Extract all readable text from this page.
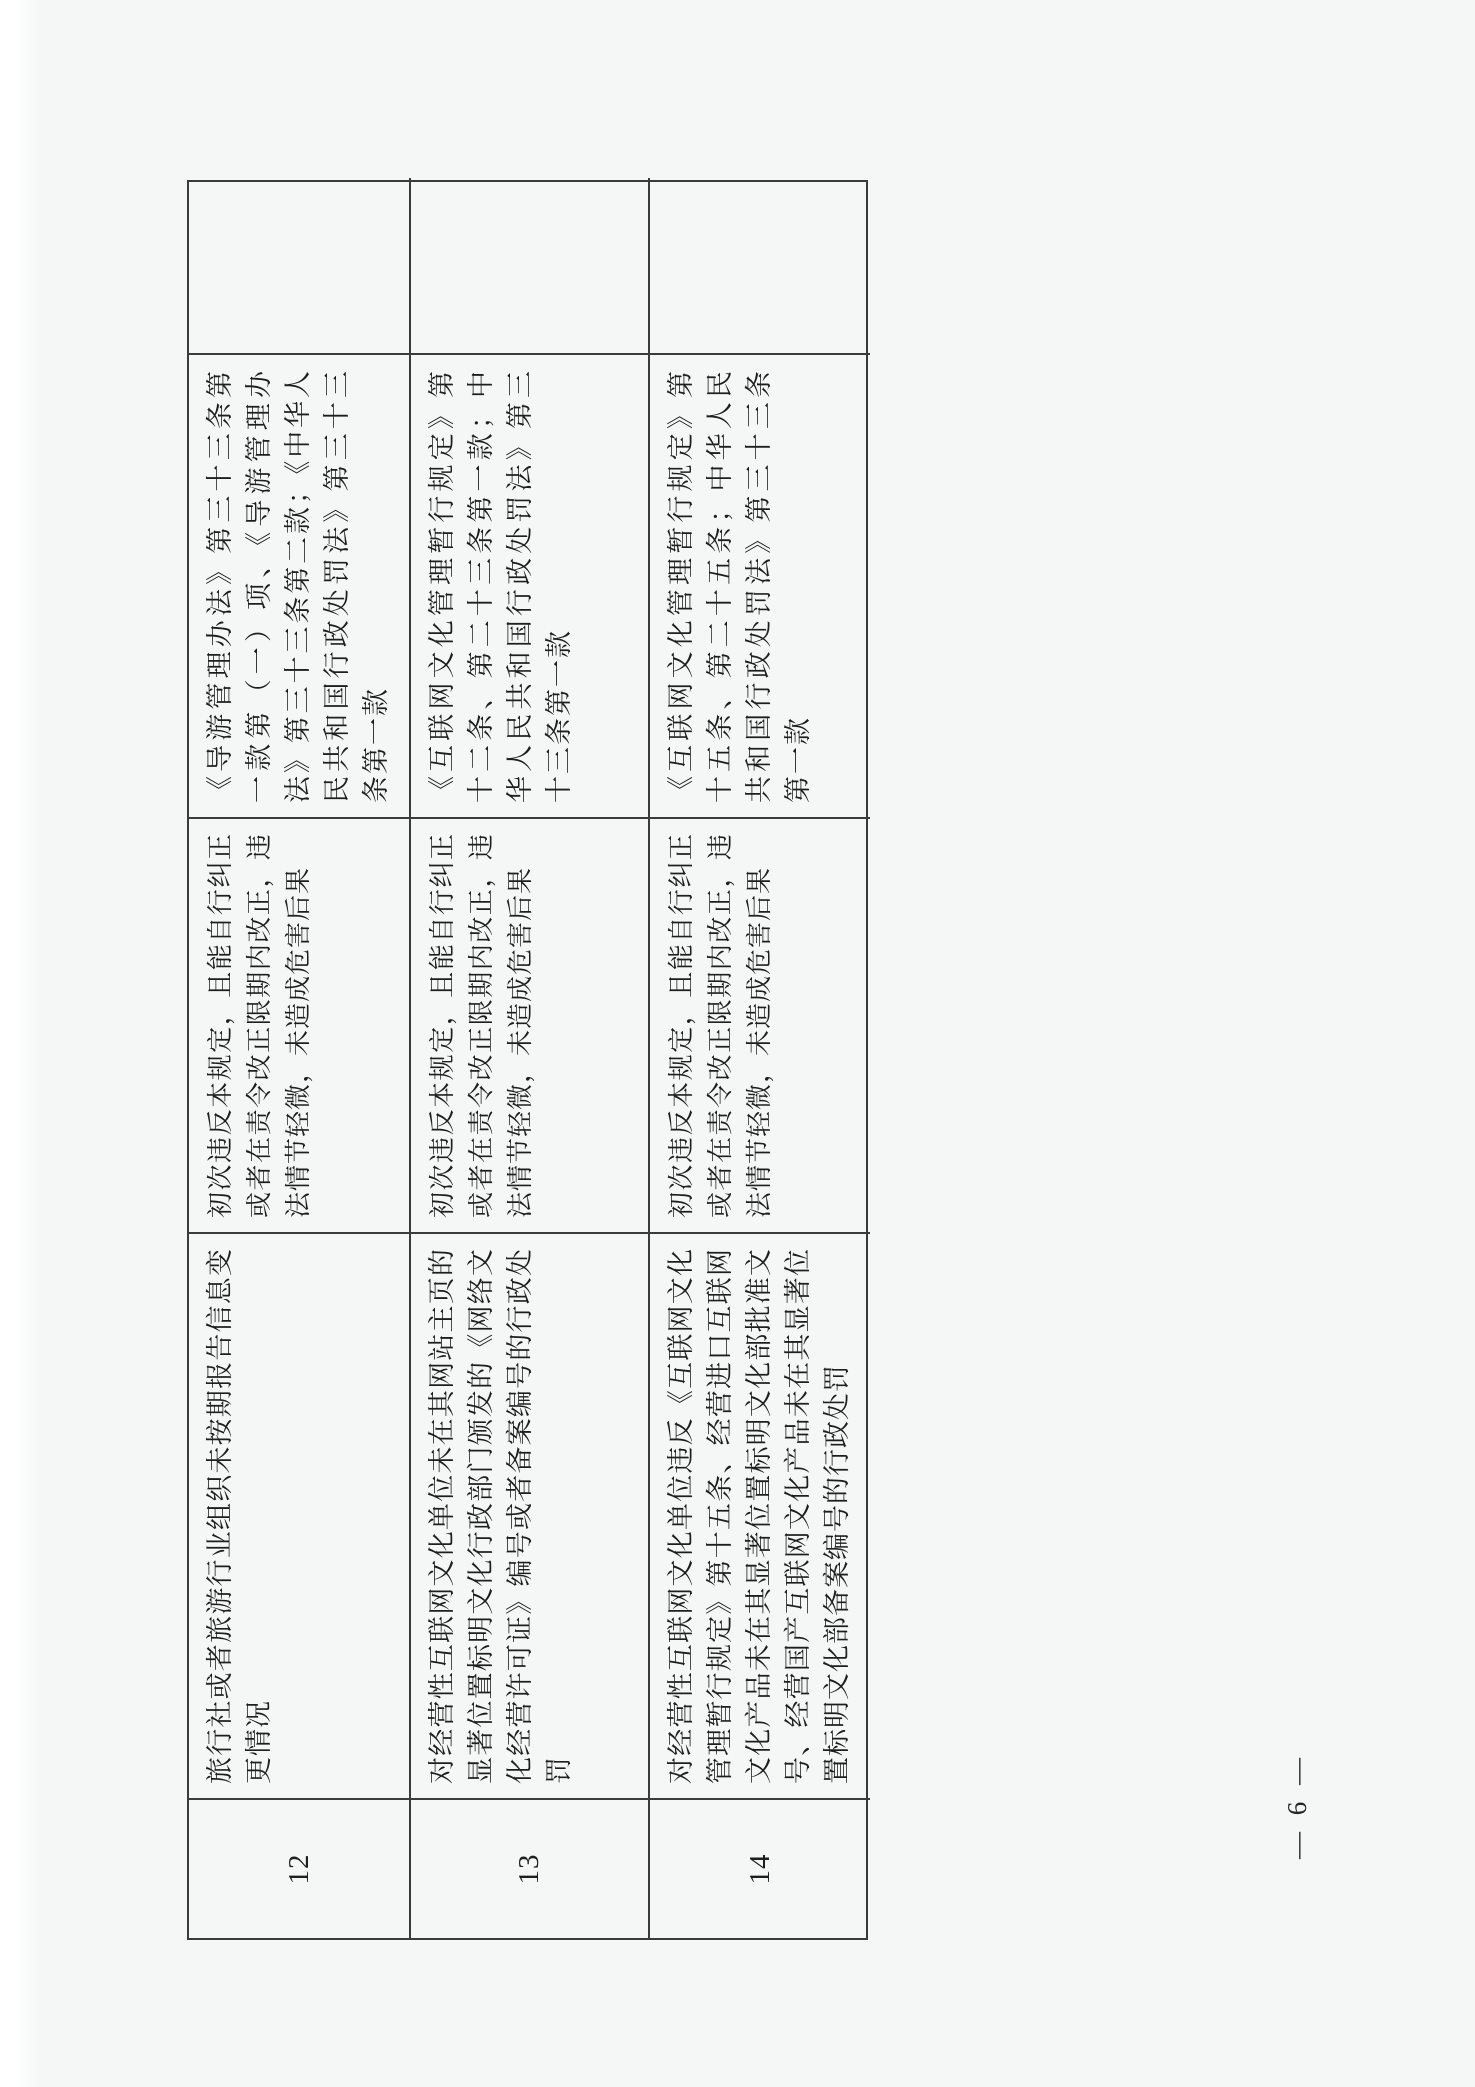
12
旅行社或者旅游行业组织未按期报告信息变更情况
初次违反本规定，且能自行纠正或者在责令改正限期内改正，违法情节轻微，未造成危害后果
《导游管理办法》第三十三条第一款第（一）项、《导游管理办法》第三十三条第二款；《中华人民共和国行政处罚法》第三十三条第一款
13
对经营性互联网文化单位未在其网站主页的显著位置标明文化行政部门颁发的《网络文化经营许可证》编号或者备案编号的行政处罚
初次违反本规定，且能自行纠正或者在责令改正限期内改正，违法情节轻微，未造成危害后果
《互联网文化管理暂行规定》第十二条、第二十三条第一款；中华人民共和国行政处罚法》第三十三条第一款
14
对经营性互联网文化单位违反《互联网文化管理暂行规定》第十五条、经营进口互联网文化产品未在其显著位置标明文化部批准文号、经营国产互联网文化产品未在其显著位置标明文化部备案编号的行政处罚
初次违反本规定，且能自行纠正或者在责令改正限期内改正，违法情节轻微，未造成危害后果
《互联网文化管理暂行规定》第十五条、第二十五条；中华人民共和国行政处罚法》第三十三条第一款
— 6 —
